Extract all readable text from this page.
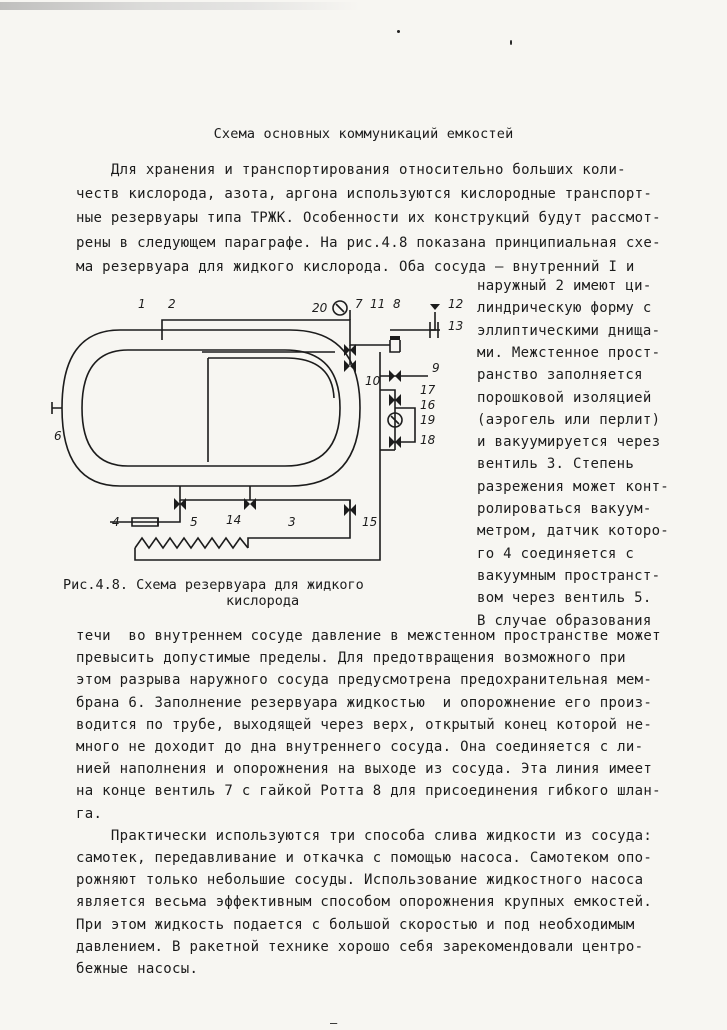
Схема основных коммуникаций емкостей
Для хранения и транспортирования относительно больших коли-
честв кислорода, азота, аргона используются кислородные транспорт-
ные резервуары типа ТРЖК. Особенности их конструкций будут рассмот-
рены в следующем параграфе. На рис.4.8 показана принципиальная схе-
ма резервуара для жидкого кислорода. Оба сосуда – внутренний I и
наружный 2 имеют ци-
линдрическую форму с
эллиптическими днища-
ми. Межстенное прост-
ранство заполняется
порошковой изоляцией
(аэрогель или перлит)
и вакуумируется через
вентиль 3. Степень
разрежения может конт-
ролироваться вакуум-
метром, датчик которо-
го 4 соединяется с
вакуумным пространст-
вом через вентиль 5.
В случае образования
течи  во внутреннем сосуде давление в межстенном пространстве может
превысить допустимые пределы. Для предотвращения возможного при
этом разрыва наружного сосуда предусмотрена предохранительная мем-
брана 6. Заполнение резервуара жидкостью  и опорожнение его произ-
водится по трубе, выходящей через верх, открытый конец которой не-
много не доходит до дна внутреннего сосуда. Она соединяется с ли-
нией наполнения и опорожнения на выходе из сосуда. Эта линия имеет
на конце вентиль 7 с гайкой Ротта 8 для присоединения гибкого шлан-
га.
Практически используются три способа слива жидкости из сосуда:
самотек, передавливание и откачка с помощью насоса. Самотеком опо-
рожняют только небольшие сосуды. Использование жидкостного насоса
является весьма эффективным способом опорожнения крупных емкостей.
При этом жидкость подается с большой скоростью и под необходимым
давлением. В ракетной технике хорошо себя зарекомендовали центро-
бежные насосы.
1 2	20 7 11 8	12
13
10
9
17
16
19
18
6
4	5 14	3	15
Рис.4.8. Схема резервуара для жидкого
кислорода
—
